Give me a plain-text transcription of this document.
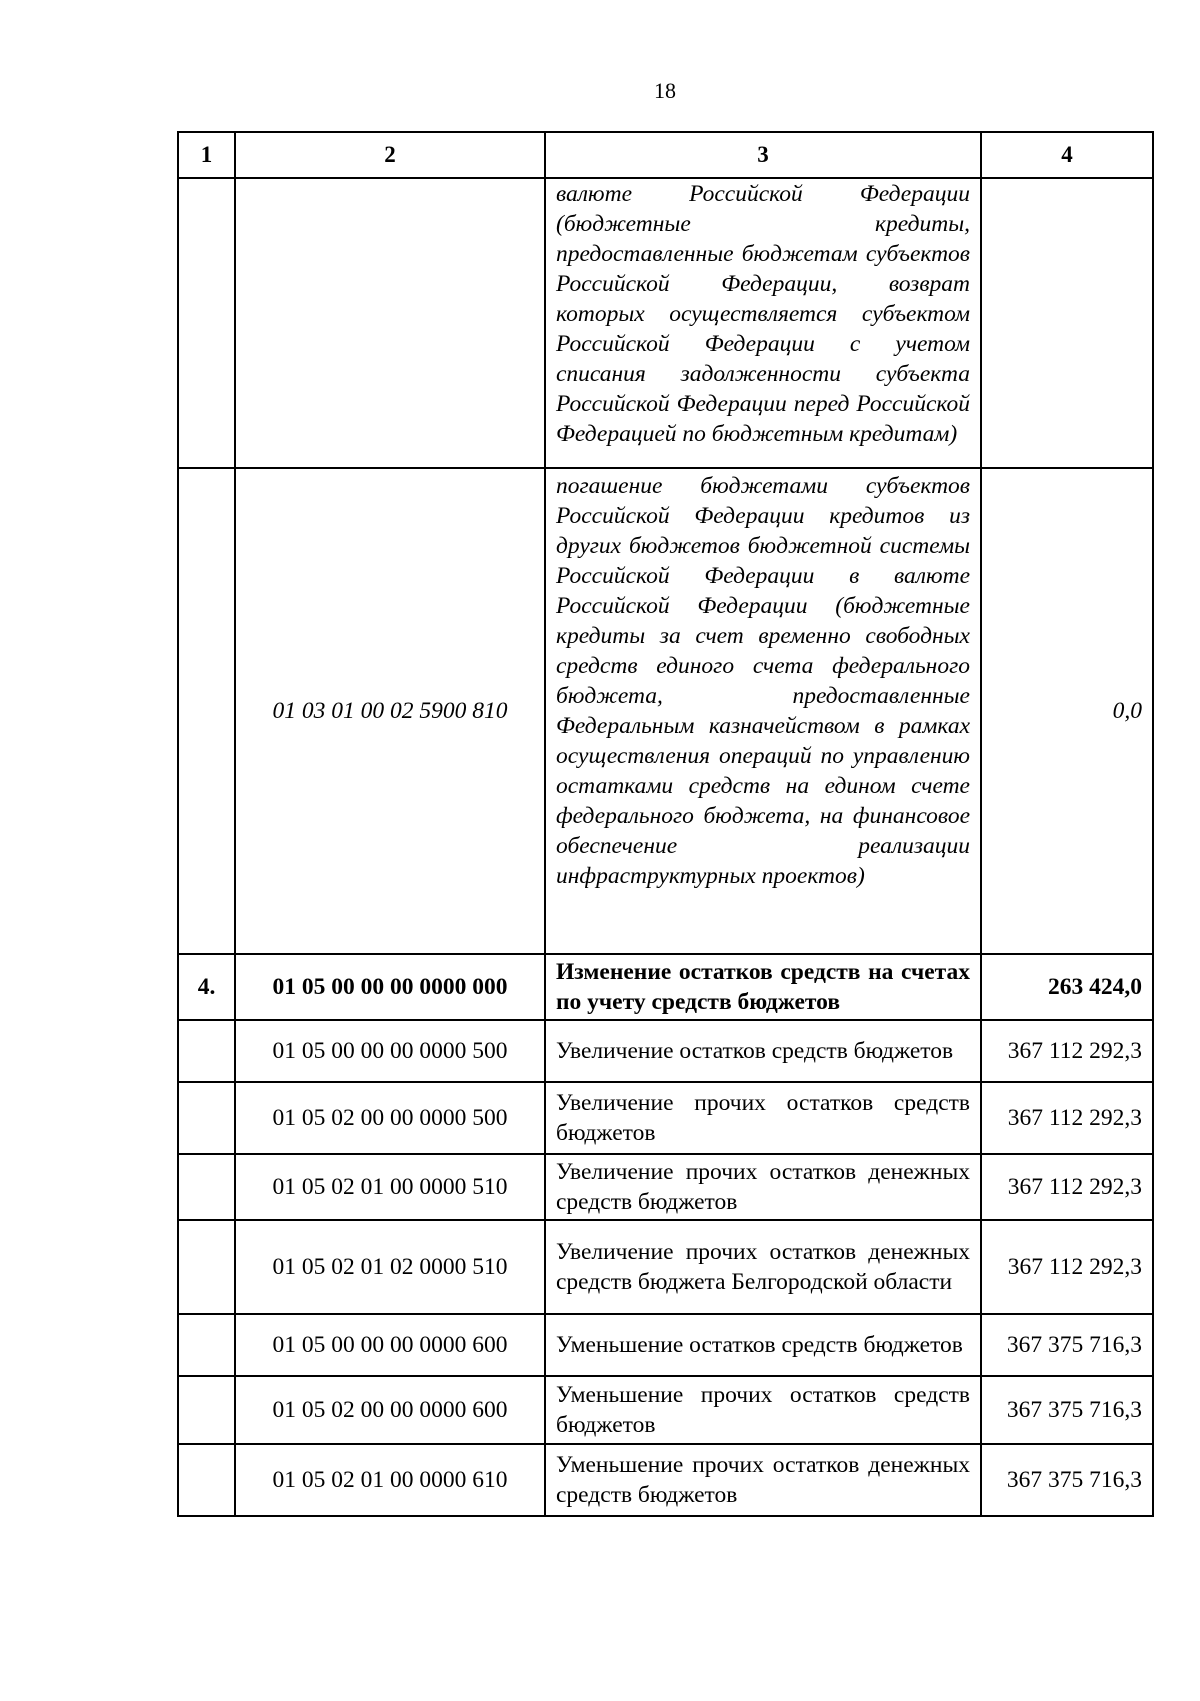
18
1	2	3	4
		валюте Российской Федерации (бюджетные кредиты, предоставленные бюджетам субъектов Российской Федерации, возврат которых осуществляется субъектом Российской Федерации с учетом списания задолженности субъекта Российской Федерации перед Российской Федерацией по бюджетным кредитам)	
	01 03 01 00 02 5900 810	погашение бюджетами субъектов Российской Федерации кредитов из других бюджетов бюджетной системы Российской Федерации в валюте Российской Федерации (бюджетные кредиты за счет временно свободных средств единого счета федерального бюджета, предоставленные Федеральным казначейством в рамках осуществления операций по управлению остатками средств на едином счете федерального бюджета, на финансовое обеспечение реализации инфраструктурных проектов)	0,0
4.	01 05 00 00 00 0000 000	Изменение остатков средств на счетах по учету средств бюджетов	263 424,0
	01 05 00 00 00 0000 500	Увеличение остатков средств бюджетов	367 112 292,3
	01 05 02 00 00 0000 500	Увеличение прочих остатков средств бюджетов	367 112 292,3
	01 05 02 01 00 0000 510	Увеличение прочих остатков денежных средств бюджетов	367 112 292,3
	01 05 02 01 02 0000 510	Увеличение прочих остатков денежных средств бюджета Белгородской области	367 112 292,3
	01 05 00 00 00 0000 600	Уменьшение остатков средств бюджетов	367 375 716,3
	01 05 02 00 00 0000 600	Уменьшение прочих остатков средств бюджетов	367 375 716,3
	01 05 02 01 00 0000 610	Уменьшение прочих остатков денежных средств бюджетов	367 375 716,3
